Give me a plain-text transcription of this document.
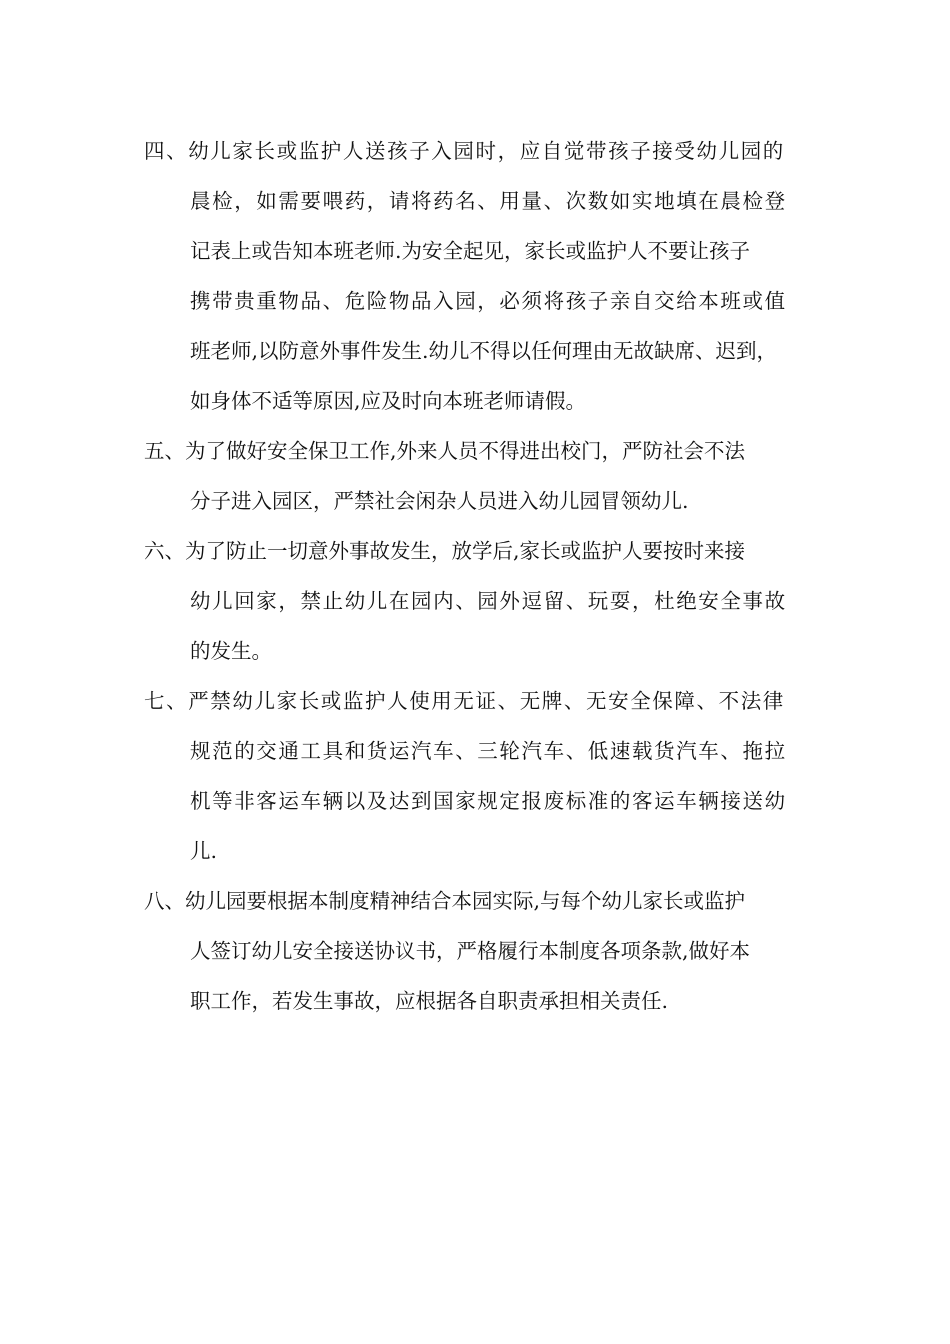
四、幼儿家长或监护人送孩子入园时，应自觉带孩子接受幼儿园的
晨检，如需要喂药，请将药名、用量、次数如实地填在晨检登
记表上或告知本班老师.为安全起见，家长或监护人不要让孩子
携带贵重物品、危险物品入园，必须将孩子亲自交给本班或值
班老师,以防意外事件发生.幼儿不得以任何理由无故缺席、迟到，
如身体不适等原因,应及时向本班老师请假。
五、为了做好安全保卫工作,外来人员不得进出校门，严防社会不法
分子进入园区，严禁社会闲杂人员进入幼儿园冒领幼儿.
六、为了防止一切意外事故发生，放学后,家长或监护人要按时来接
幼儿回家，禁止幼儿在园内、园外逗留、玩耍，杜绝安全事故
的发生。
七、严禁幼儿家长或监护人使用无证、无牌、无安全保障、不法律
规范的交通工具和货运汽车、三轮汽车、低速载货汽车、拖拉
机等非客运车辆以及达到国家规定报废标准的客运车辆接送幼
儿.
八、幼儿园要根据本制度精神结合本园实际,与每个幼儿家长或监护
人签订幼儿安全接送协议书，严格履行本制度各项条款,做好本
职工作，若发生事故，应根据各自职责承担相关责任.
